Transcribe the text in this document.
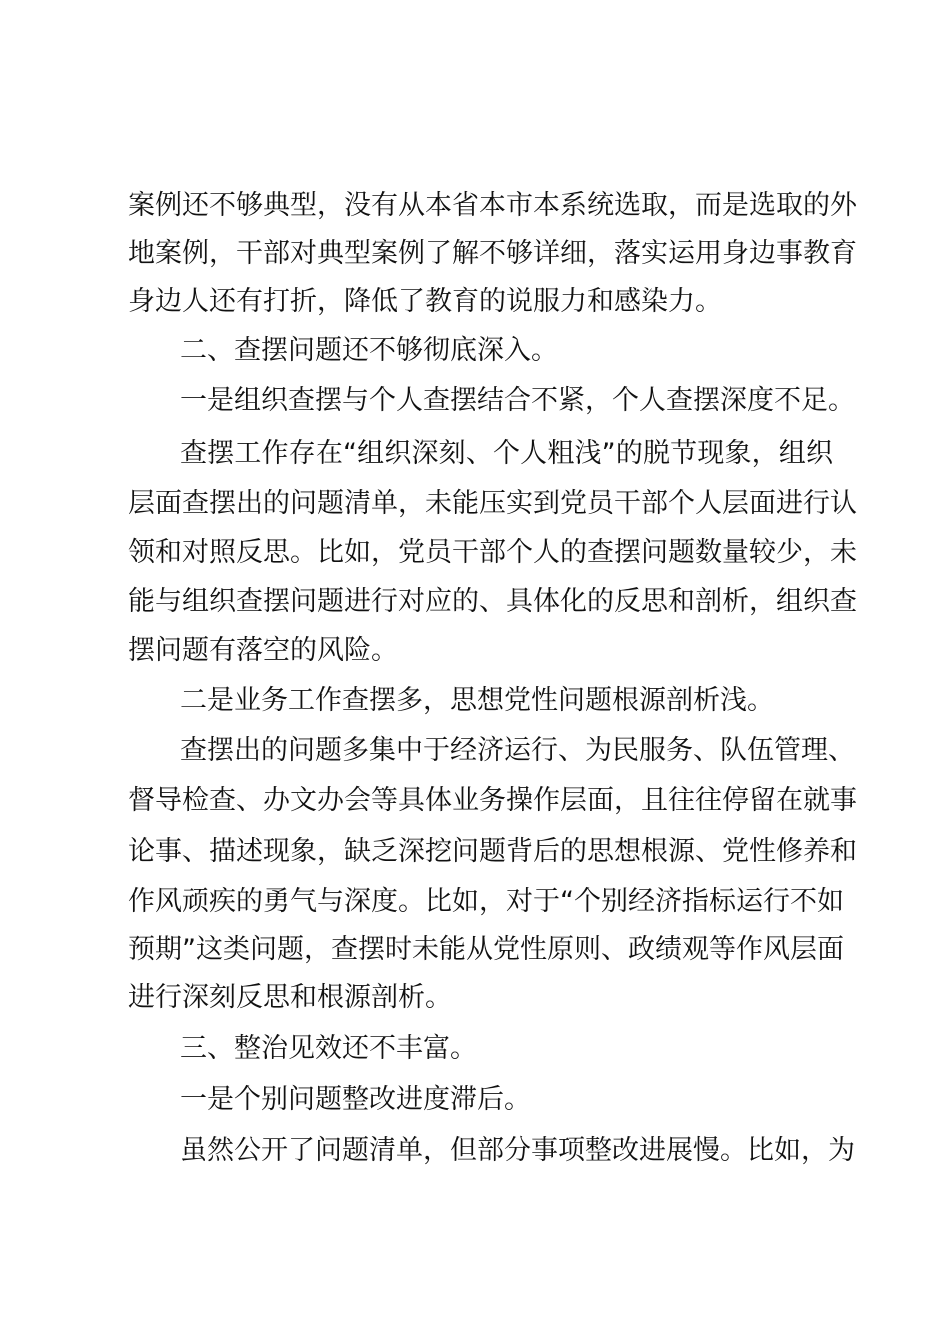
案例还不够典型，没有从本省本市本系统选取，而是选取的外
地案例，干部对典型案例了解不够详细，落实运用身边事教育
身边人还有打折，降低了教育的说服力和感染力。
二、查摆问题还不够彻底深入。
一是组织查摆与个人查摆结合不紧，个人查摆深度不足。
查摆工作存在“组织深刻、个人粗浅”的脱节现象，组织
层面查摆出的问题清单，未能压实到党员干部个人层面进行认
领和对照反思。比如，党员干部个人的查摆问题数量较少，未
能与组织查摆问题进行对应的、具体化的反思和剖析，组织查
摆问题有落空的风险。
二是业务工作查摆多，思想党性问题根源剖析浅。
查摆出的问题多集中于经济运行、为民服务、队伍管理、
督导检查、办文办会等具体业务操作层面，且往往停留在就事
论事、描述现象，缺乏深挖问题背后的思想根源、党性修养和
作风顽疾的勇气与深度。比如，对于“个别经济指标运行不如
预期”这类问题，查摆时未能从党性原则、政绩观等作风层面
进行深刻反思和根源剖析。
三、整治见效还不丰富。
一是个别问题整改进度滞后。
虽然公开了问题清单，但部分事项整改进展慢。比如，为
